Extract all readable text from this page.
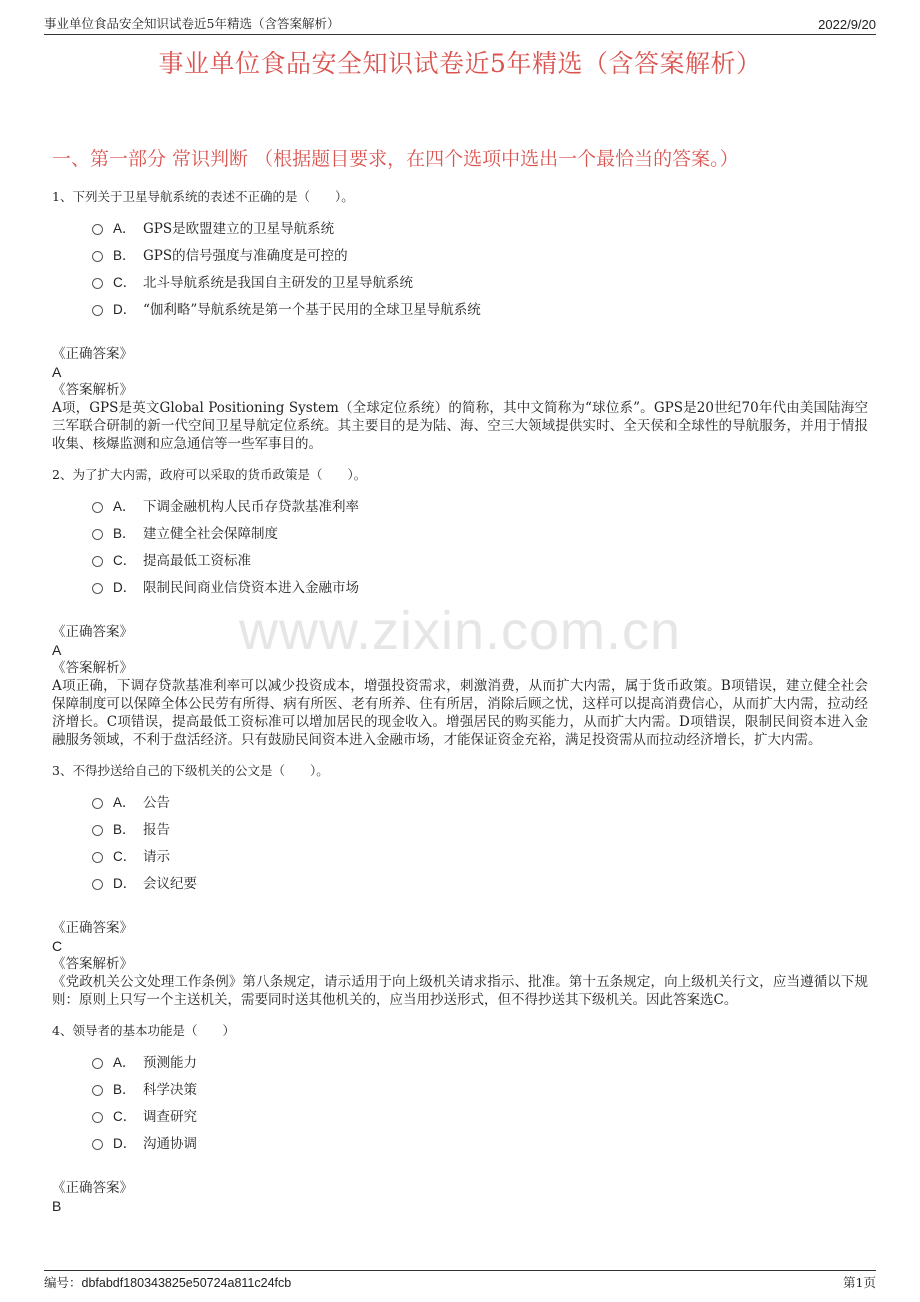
事业单位食品安全知识试卷近5年精选（含答案解析）	2022/9/20
事业单位食品安全知识试卷近5年精选（含答案解析）
一、第一部分 常识判断 （根据题目要求，在四个选项中选出一个最恰当的答案。）
www.zixin.com.cn

1、下列关于卫星导航系统的表述不正确的是（　　）。

A． GPS是欧盟建立的卫星导航系统
B． GPS的信号强度与准确度是可控的
C． 北斗导航系统是我国自主研发的卫星导航系统
D． “伽利略”导航系统是第一个基于民用的全球卫星导航系统

《正确答案》

A

《答案解析》

A项，GPS是英文Global Positioning System（全球定位系统）的简称，其中文简称为“球位系”。GPS是20世纪70年代由美国陆海空三军联合研制的新一代空间卫星导航定位系统。其主要目的是为陆、海、空三大领域提供实时、全天侯和全球性的导航服务，并用于情报收集、核爆监测和应急通信等一些军事目的。

2、为了扩大内需，政府可以采取的货币政策是（　　）。

A． 下调金融机构人民币存贷款基准利率
B． 建立健全社会保障制度
C． 提高最低工资标准
D． 限制民间商业信贷资本进入金融市场

《正确答案》

A

《答案解析》

A项正确，下调存贷款基准利率可以减少投资成本，增强投资需求，刺激消费，从而扩大内需，属于货币政策。B项错误，建立健全社会保障制度可以保障全体公民劳有所得、病有所医、老有所养、住有所居，消除后顾之忧，这样可以提高消费信心，从而扩大内需，拉动经济增长。C项错误，提高最低工资标准可以增加居民的现金收入。增强居民的购买能力，从而扩大内需。D项错误，限制民间资本进入金融服务领域，不利于盘活经济。只有鼓励民间资本进入金融市场，才能保证资金充裕，满足投资需从而拉动经济增长，扩大内需。

3、不得抄送给自己的下级机关的公文是（　　）。

A． 公告
B． 报告
C． 请示
D． 会议纪要

《正确答案》

C

《答案解析》

《党政机关公文处理工作条例》第八条规定，请示适用于向上级机关请求指示、批准。第十五条规定，向上级机关行文，应当遵循以下规则：原则上只写一个主送机关，需要同时送其他机关的，应当用抄送形式，但不得抄送其下级机关。因此答案选C。

4、领导者的基本功能是（　　）

A． 预测能力
B． 科学决策
C． 调查研究
D． 沟通协调

《正确答案》

B

编号：dbfabdf180343825e50724a811c24fcb	第1页
